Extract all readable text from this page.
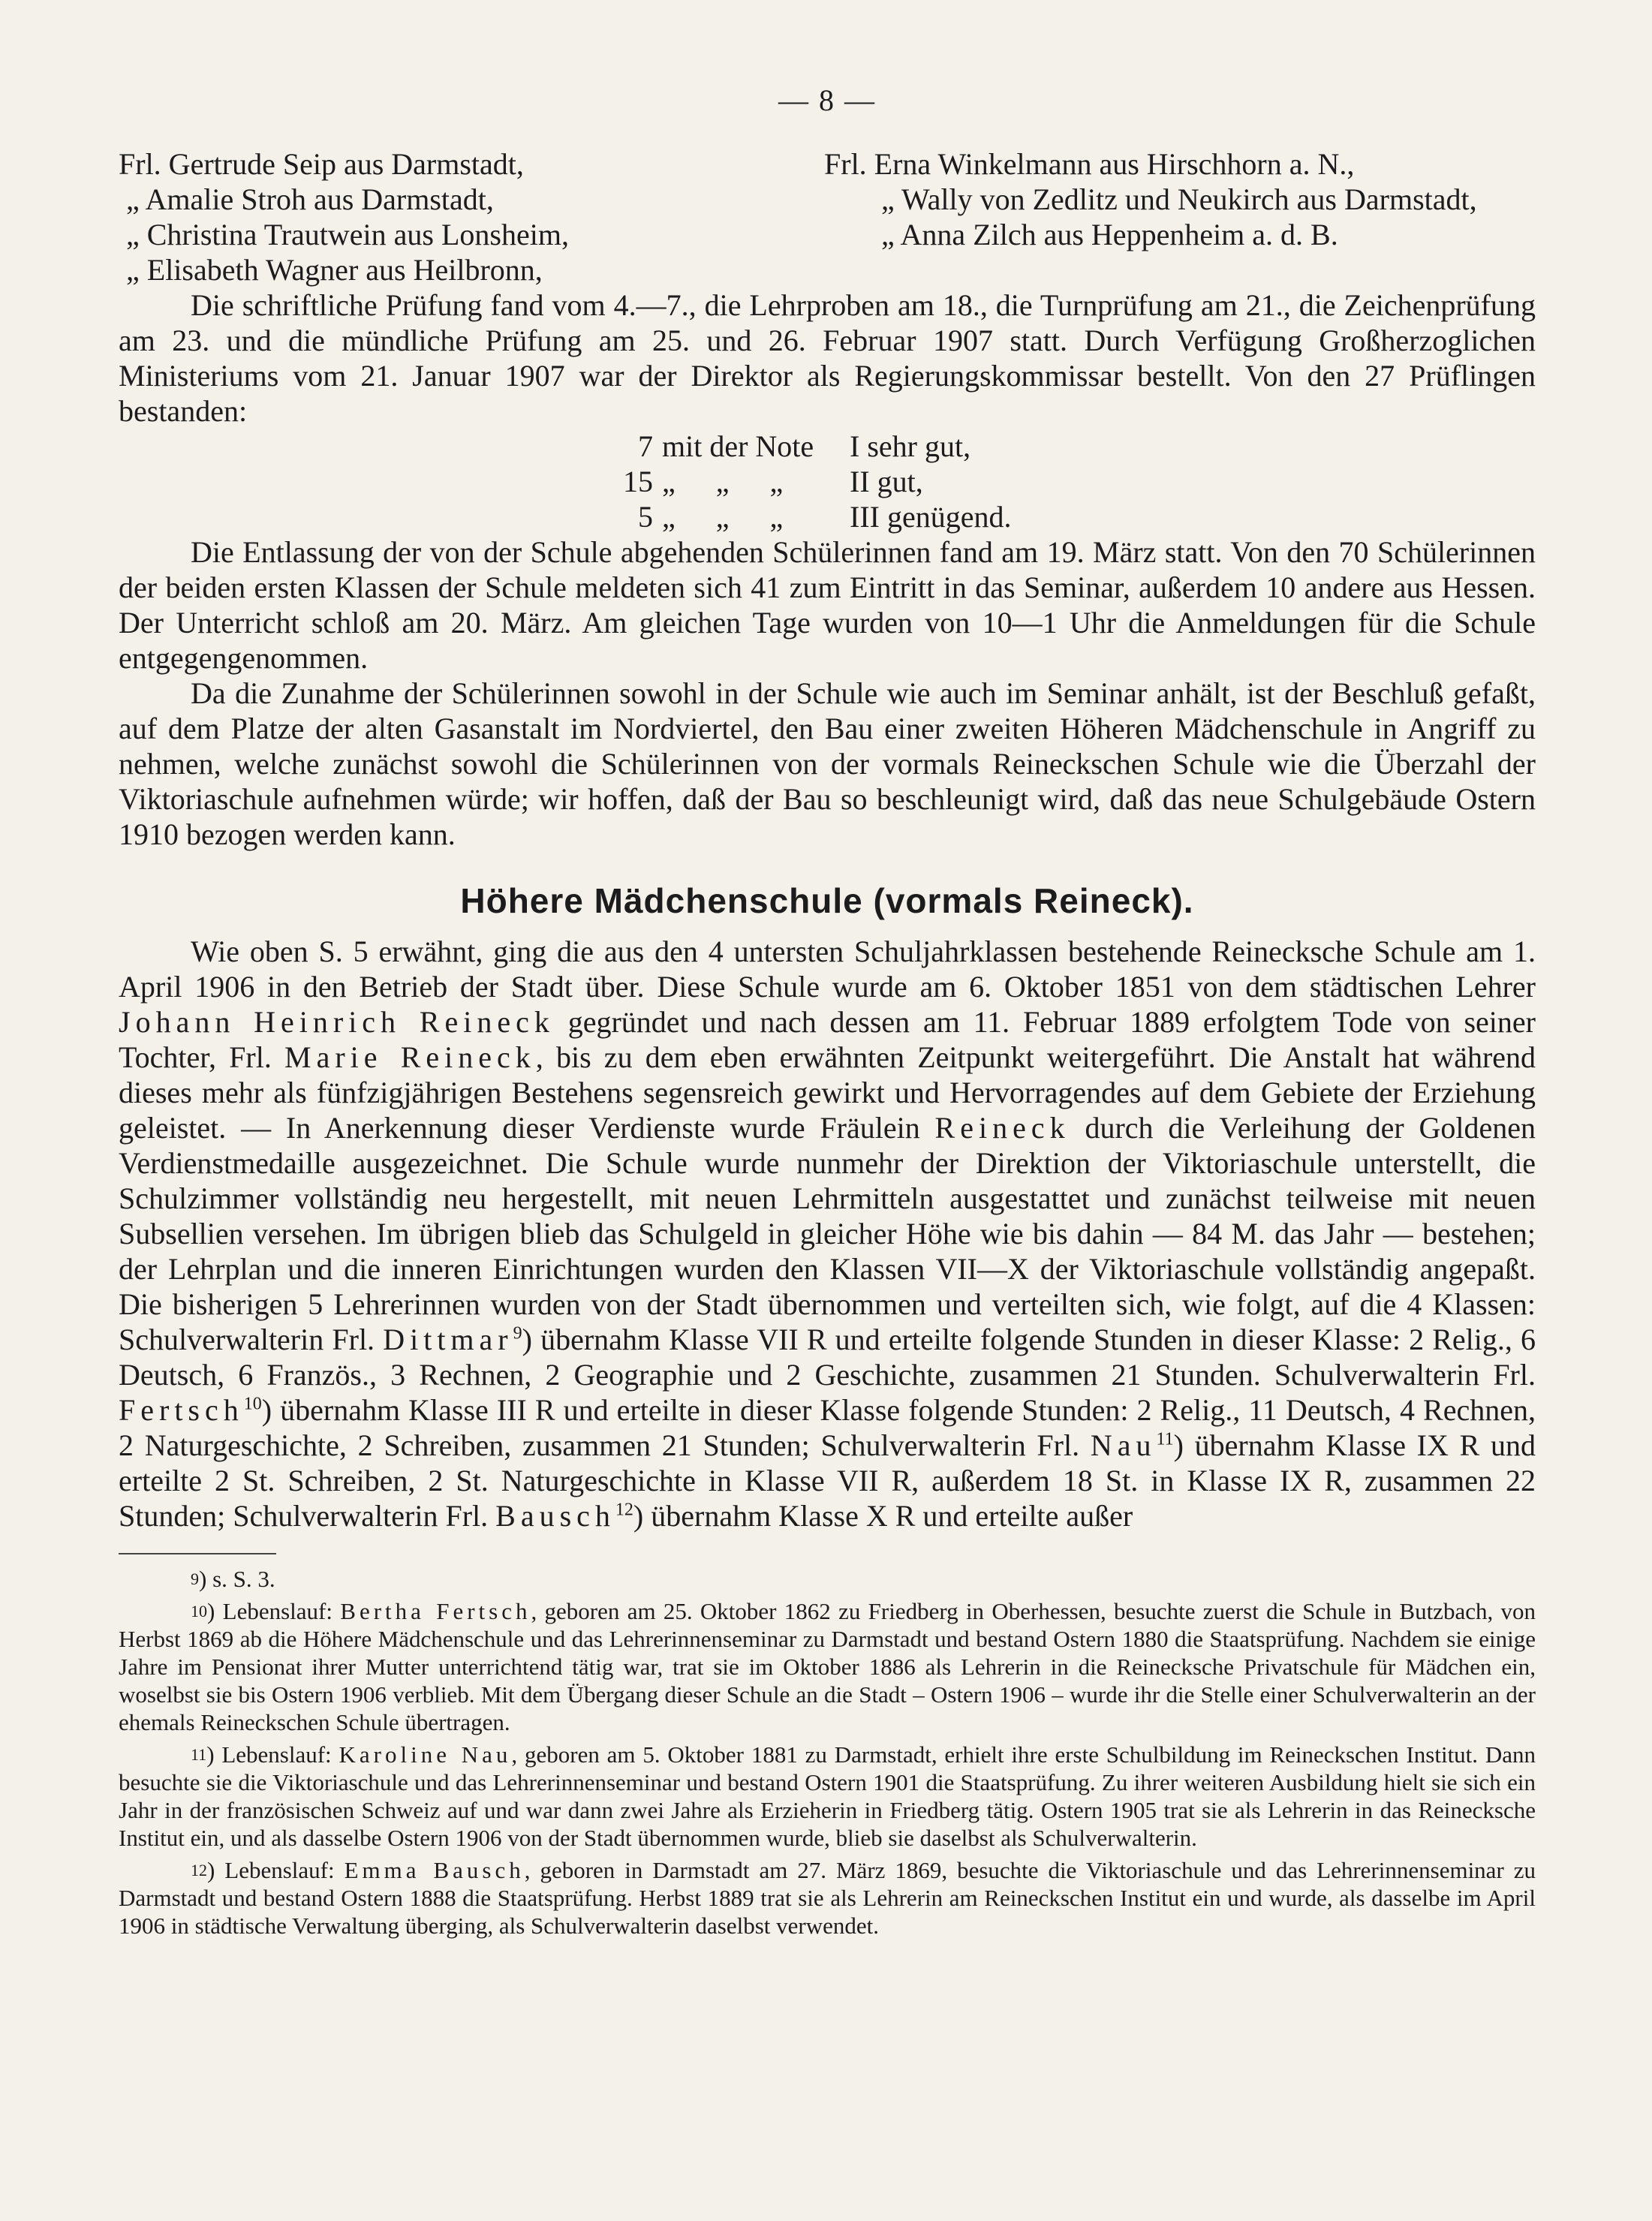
— 8 —
Frl. Gertrude Seip aus Darmstadt,	Frl. Erna Winkelmann aus Hirschhorn a. N.,
„ Amalie Stroh aus Darmstadt,	„ Wally von Zedlitz und Neukirch aus Darmstadt,
„ Christina Trautwein aus Lonsheim,	„ Anna Zilch aus Heppenheim a. d. B.
„ Elisabeth Wagner aus Heilbronn,

Die schriftliche Prüfung fand vom 4.—7., die Lehrproben am 18., die Turnprüfung am 21., die Zeichenprüfung am 23. und die mündliche Prüfung am 25. und 26. Februar 1907 statt. Durch Verfügung Großherzoglichen Ministeriums vom 21. Januar 1907 war der Direktor als Regierungskommissar bestellt. Von den 27 Prüflingen bestanden:

7 mit der Note I sehr gut,
15 „ „ „ II gut,
5 „ „ „ III genügend.

Die Entlassung der von der Schule abgehenden Schülerinnen fand am 19. März statt. Von den 70 Schülerinnen der beiden ersten Klassen der Schule meldeten sich 41 zum Eintritt in das Seminar, außerdem 10 andere aus Hessen. Der Unterricht schloß am 20. März. Am gleichen Tage wurden von 10—1 Uhr die Anmeldungen für die Schule entgegengenommen.

Da die Zunahme der Schülerinnen sowohl in der Schule wie auch im Seminar anhält, ist der Beschluß gefaßt, auf dem Platze der alten Gasanstalt im Nordviertel, den Bau einer zweiten Höheren Mädchenschule in Angriff zu nehmen, welche zunächst sowohl die Schülerinnen von der vormals Reineckschen Schule wie die Überzahl der Viktoriaschule aufnehmen würde; wir hoffen, daß der Bau so beschleunigt wird, daß das neue Schulgebäude Ostern 1910 bezogen werden kann.

Höhere Mädchenschule (vormals Reineck).

Wie oben S. 5 erwähnt, ging die aus den 4 untersten Schuljahrklassen bestehende Reinecksche Schule am 1. April 1906 in den Betrieb der Stadt über. Diese Schule wurde am 6. Oktober 1851 von dem städtischen Lehrer Johann Heinrich Reineck gegründet und nach dessen am 11. Februar 1889 erfolgtem Tode von seiner Tochter, Frl. Marie Reineck, bis zu dem eben erwähnten Zeitpunkt weitergeführt. Die Anstalt hat während dieses mehr als fünfzigjährigen Bestehens segensreich gewirkt und Hervorragendes auf dem Gebiete der Erziehung geleistet. — In Anerkennung dieser Verdienste wurde Fräulein Reineck durch die Verleihung der Goldenen Verdienstmedaille ausgezeichnet. Die Schule wurde nunmehr der Direktion der Viktoriaschule unterstellt, die Schulzimmer vollständig neu hergestellt, mit neuen Lehrmitteln ausgestattet und zunächst teilweise mit neuen Subsellien versehen. Im übrigen blieb das Schulgeld in gleicher Höhe wie bis dahin — 84 M. das Jahr — bestehen; der Lehrplan und die inneren Einrichtungen wurden den Klassen VII—X der Viktoriaschule vollständig angepaßt. Die bisherigen 5 Lehrerinnen wurden von der Stadt übernommen und verteilten sich, wie folgt, auf die 4 Klassen: Schulverwalterin Frl. Dittmar$^9$) übernahm Klasse VII R und erteilte folgende Stunden in dieser Klasse: 2 Relig., 6 Deutsch, 6 Französ., 3 Rechnen, 2 Geographie und 2 Geschichte, zusammen 21 Stunden. Schulverwalterin Frl. Fertsch$^{10}$) übernahm Klasse III R und erteilte in dieser Klasse folgende Stunden: 2 Relig., 11 Deutsch, 4 Rechnen, 2 Naturgeschichte, 2 Schreiben, zusammen 21 Stunden; Schulverwalterin Frl. Nau$^{11}$) übernahm Klasse IX R und erteilte 2 St. Schreiben, 2 St. Naturgeschichte in Klasse VII R, außerdem 18 St. in Klasse IX R, zusammen 22 Stunden; Schulverwalterin Frl. Bausch$^{12}$) übernahm Klasse X R und erteilte außer

$^9$) s. S. 3.
$^{10}$) Lebenslauf: Bertha Fertsch, geboren am 25. Oktober 1862 zu Friedberg in Oberhessen, besuchte zuerst die Schule in Butzbach, von Herbst 1869 ab die Höhere Mädchenschule und das Lehrerinnenseminar zu Darmstadt und bestand Ostern 1880 die Staatsprüfung. Nachdem sie einige Jahre im Pensionat ihrer Mutter unterrichtend tätig war, trat sie im Oktober 1886 als Lehrerin in die Reinecksche Privatschule für Mädchen ein, woselbst sie bis Ostern 1906 verblieb. Mit dem Übergang dieser Schule an die Stadt – Ostern 1906 – wurde ihr die Stelle einer Schulverwalterin an der ehemals Reineckschen Schule übertragen.
$^{11}$) Lebenslauf: Karoline Nau, geboren am 5. Oktober 1881 zu Darmstadt, erhielt ihre erste Schulbildung im Reineckschen Institut. Dann besuchte sie die Viktoriaschule und das Lehrerinnenseminar und bestand Ostern 1901 die Staatsprüfung. Zu ihrer weiteren Ausbildung hielt sie sich ein Jahr in der französischen Schweiz auf und war dann zwei Jahre als Erzieherin in Friedberg tätig. Ostern 1905 trat sie als Lehrerin in das Reinecksche Institut ein, und als dasselbe Ostern 1906 von der Stadt übernommen wurde, blieb sie daselbst als Schulverwalterin.
$^{12}$) Lebenslauf: Emma Bausch, geboren in Darmstadt am 27. März 1869, besuchte die Viktoriaschule und das Lehrerinnenseminar zu Darmstadt und bestand Ostern 1888 die Staatsprüfung. Herbst 1889 trat sie als Lehrerin am Reineckschen Institut ein und wurde, als dasselbe im April 1906 in städtische Verwaltung überging, als Schulverwalterin daselbst verwendet.
